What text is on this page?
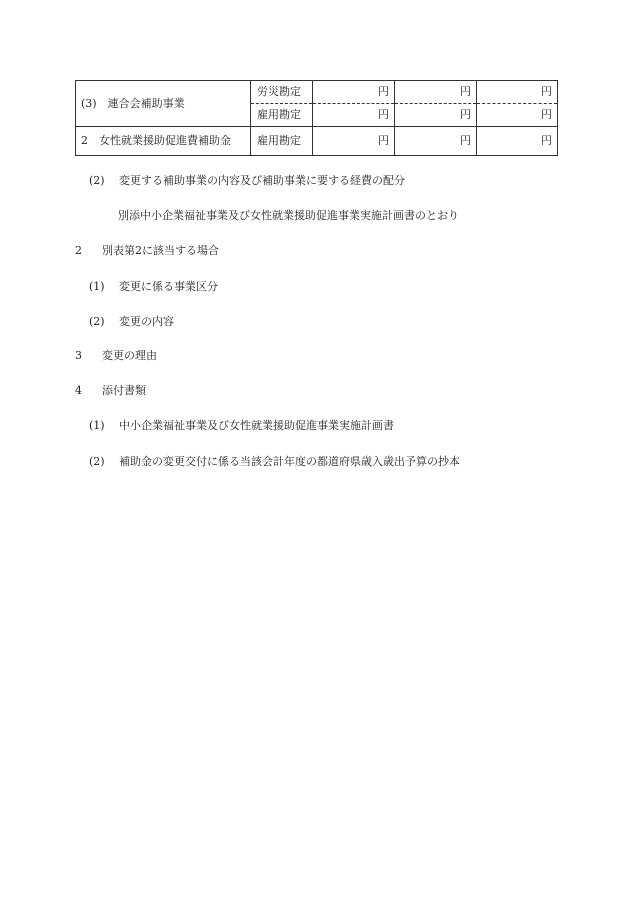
(3)　連合会補助事業	労災勘定	円	円	円
	雇用勘定	円	円	円
2　女性就業援助促進費補助金	雇用勘定	円	円	円
(2) 変更する補助事業の内容及び補助事業に要する経費の配分
別添中小企業福祉事業及び女性就業援助促進事業実施計画書のとおり
2 別表第2に該当する場合
(1) 変更に係る事業区分
(2) 変更の内容
3 変更の理由
4 添付書類
(1) 中小企業福祉事業及び女性就業援助促進事業実施計画書
(2) 補助金の変更交付に係る当該会計年度の都道府県歳入歳出予算の抄本
